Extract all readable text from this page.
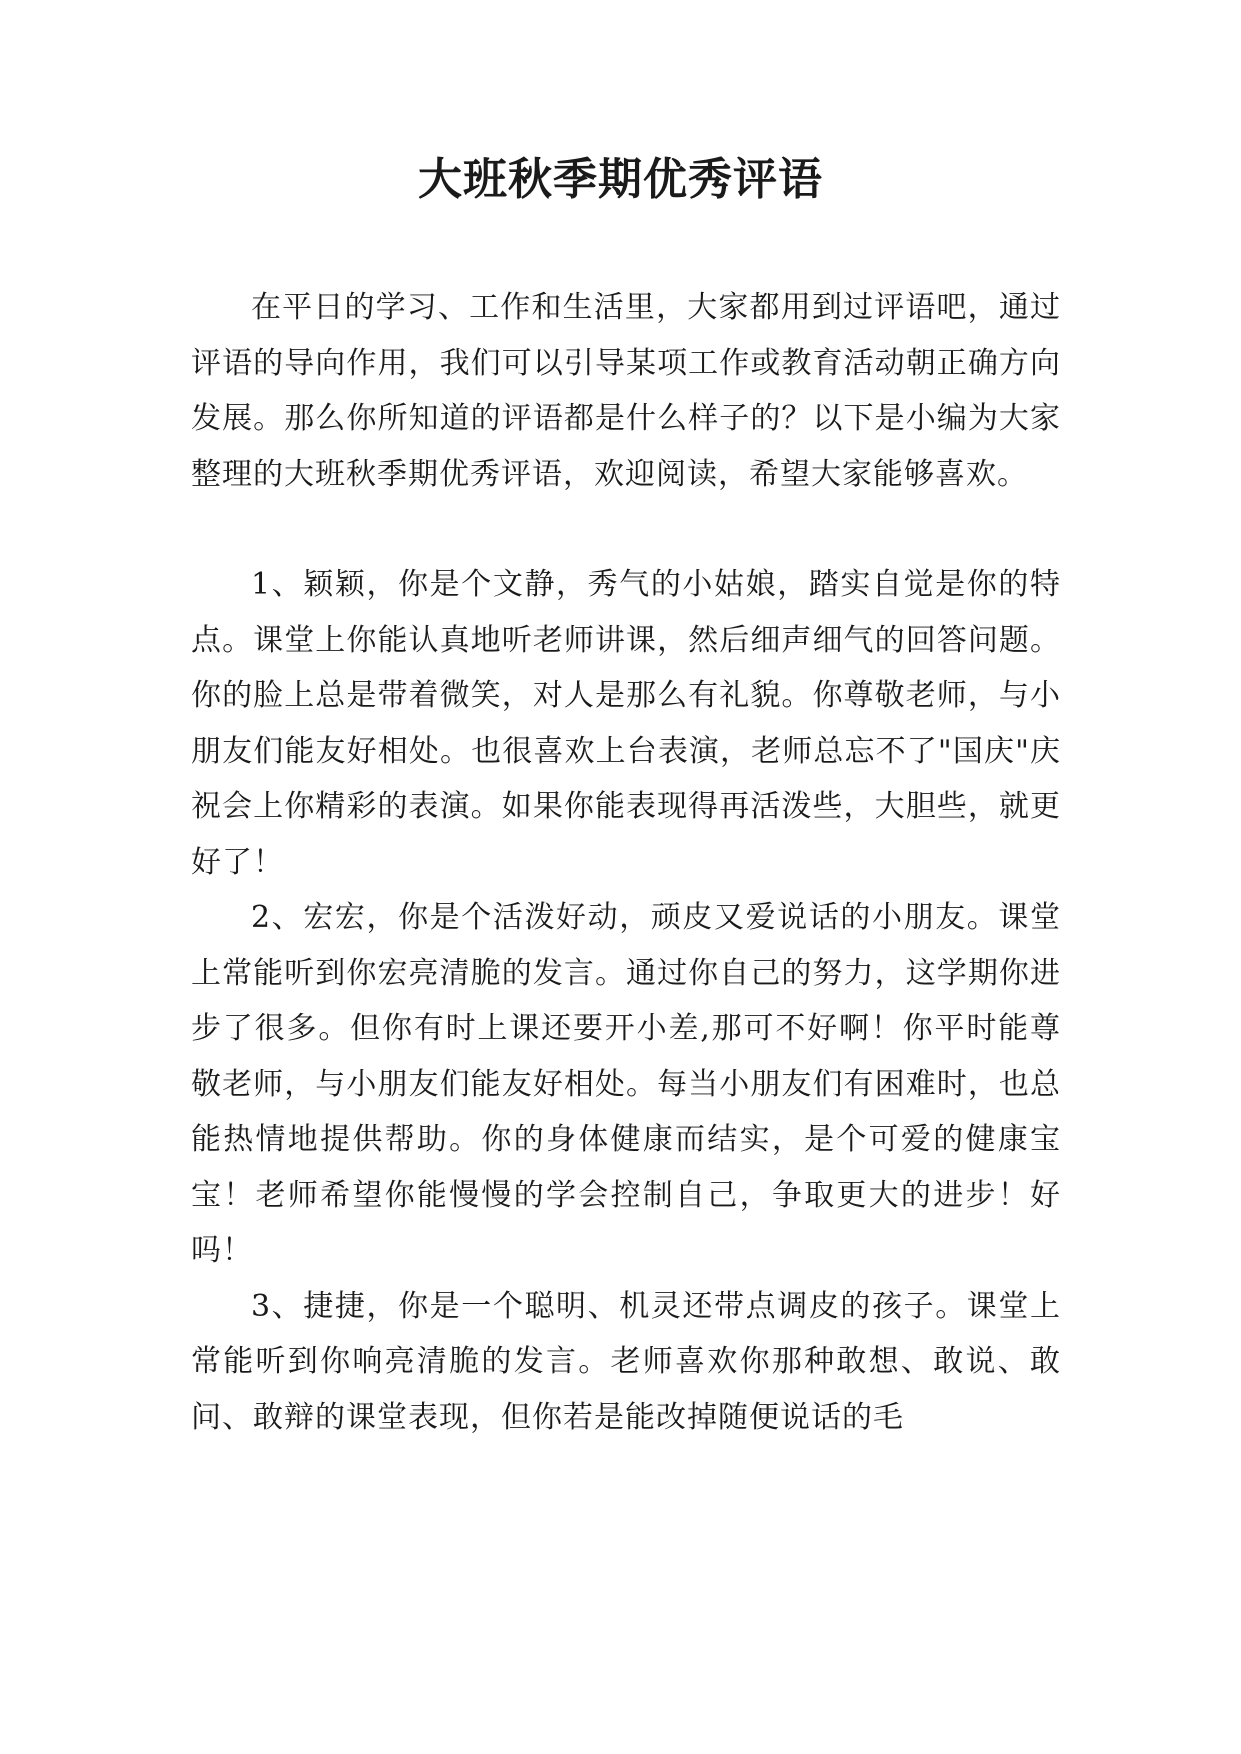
大班秋季期优秀评语

在平日的学习、工作和生活里，大家都用到过评语吧，通过评语的导向作用，我们可以引导某项工作或教育活动朝正确方向发展。那么你所知道的评语都是什么样子的？以下是小编为大家整理的大班秋季期优秀评语，欢迎阅读，希望大家能够喜欢。

1、颖颖，你是个文静，秀气的小姑娘，踏实自觉是你的特点。课堂上你能认真地听老师讲课，然后细声细气的回答问题。你的脸上总是带着微笑，对人是那么有礼貌。你尊敬老师，与小朋友们能友好相处。也很喜欢上台表演，老师总忘不了"国庆"庆祝会上你精彩的表演。如果你能表现得再活泼些，大胆些，就更好了！

2、宏宏，你是个活泼好动，顽皮又爱说话的小朋友。课堂上常能听到你宏亮清脆的发言。通过你自己的努力，这学期你进步了很多。但你有时上课还要开小差,那可不好啊！你平时能尊敬老师，与小朋友们能友好相处。每当小朋友们有困难时，也总能热情地提供帮助。你的身体健康而结实，是个可爱的健康宝宝！老师希望你能慢慢的学会控制自己，争取更大的进步！好吗！

3、捷捷，你是一个聪明、机灵还带点调皮的孩子。课堂上常能听到你响亮清脆的发言。老师喜欢你那种敢想、敢说、敢问、敢辩的课堂表现，但你若是能改掉随便说话的毛
